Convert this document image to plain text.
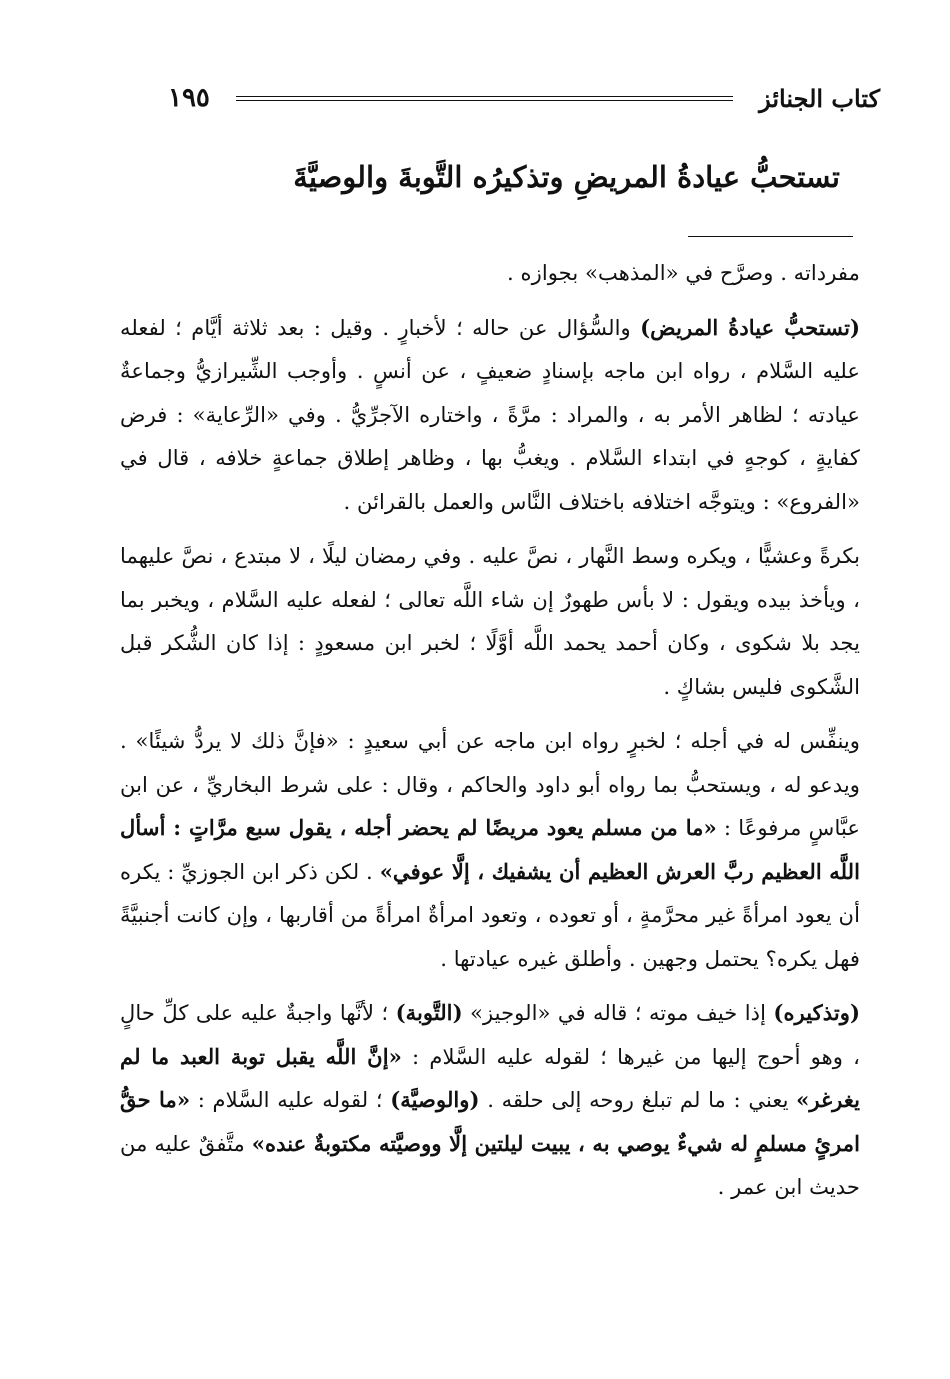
كتاب الجنائز
١٩٥
تستحبُّ عيادةُ المريضِ وتذكيرُه التَّوبةَ والوصيَّةَ

مفرداته . وصرَّح في «المذهب» بجوازه .

(تستحبُّ عيادةُ المريض) والسُّؤال عن حاله ؛ لأخبارٍ . وقيل : بعد ثلاثة أيَّام ؛ لفعله عليه السَّلام ، رواه ابن ماجه بإسنادٍ ضعيفٍ ، عن أنسٍ . وأوجب الشِّيرازيُّ وجماعةٌ عيادته ؛ لظاهر الأمر به ، والمراد : مرَّةً ، واختاره الآجرِّيُّ . وفي «الرِّعاية» : فرض كفايةٍ ، كوجهٍ في ابتداء السَّلام . ويغبُّ بها ، وظاهر إطلاق جماعةٍ خلافه ، قال في «الفروع» : ويتوجَّه اختلافه باختلاف النَّاس والعمل بالقرائن .

بكرةً وعشيًّا ، ويكره وسط النَّهار ، نصَّ عليه . وفي رمضان ليلًا ، لا مبتدع ، نصَّ عليهما ، ويأخذ بيده ويقول : لا بأس طهورٌ إن شاء اللَّه تعالى ؛ لفعله عليه السَّلام ، ويخبر بما يجد بلا شكوى ، وكان أحمد يحمد اللَّه أوَّلًا ؛ لخبر ابن مسعودٍ : إذا كان الشُّكر قبل الشَّكوى فليس بشاكٍ .

وينفِّس له في أجله ؛ لخبرٍ رواه ابن ماجه عن أبي سعيدٍ : «فإنَّ ذلك لا يردُّ شيئًا» . ويدعو له ، ويستحبُّ بما رواه أبو داود والحاكم ، وقال : على شرط البخاريِّ ، عن ابن عبَّاسٍ مرفوعًا : «ما من مسلم يعود مريضًا لم يحضر أجله ، يقول سبع مرَّاتٍ : أسأل اللَّه العظيم ربَّ العرش العظيم أن يشفيك ، إلَّا عوفي» . لكن ذكر ابن الجوزيِّ : يكره أن يعود امرأةً غير محرَّمةٍ ، أو تعوده ، وتعود امرأةٌ امرأةً من أقاربها ، وإن كانت أجنبيَّةً فهل يكره؟ يحتمل وجهين . وأطلق غيره عيادتها .

(وتذكيره) إذا خيف موته ؛ قاله في «الوجيز» (التَّوبة) ؛ لأنَّها واجبةٌ عليه على كلِّ حالٍ ، وهو أحوج إليها من غيرها ؛ لقوله عليه السَّلام : «إنَّ اللَّه يقبل توبة العبد ما لم يغرغر» يعني : ما لم تبلغ روحه إلى حلقه . (والوصيَّة) ؛ لقوله عليه السَّلام : «ما حقُّ امرئٍ مسلمٍ له شيءٌ يوصي به ، يبيت ليلتين إلَّا ووصيَّته مكتوبةٌ عنده» متَّفقٌ عليه من حديث ابن عمر .
